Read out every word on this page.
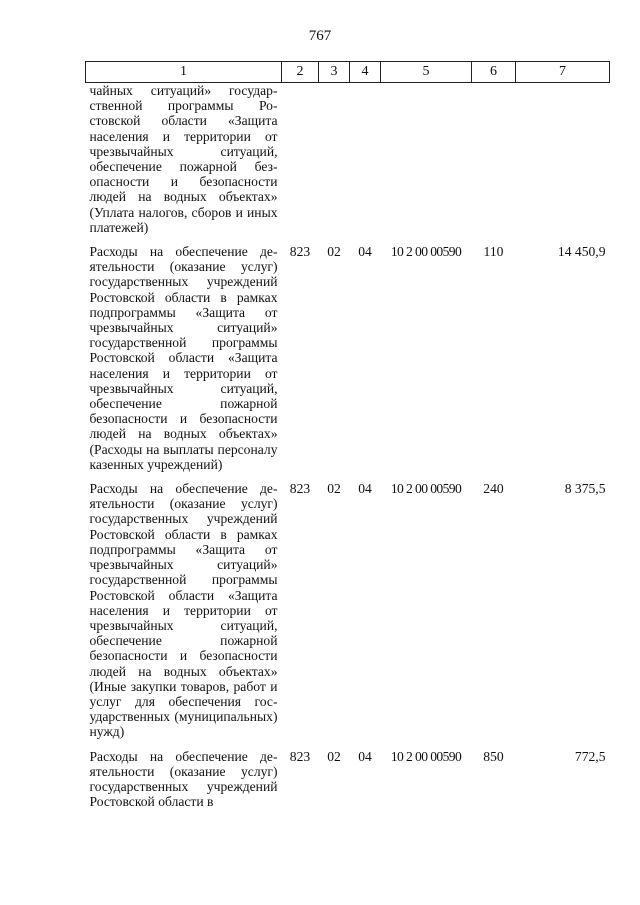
767
1	2	3	4	5	6	7
чайных ситуаций» государственной программы Ростовской области «Защита населения и территории от чрезвычайных ситуаций, обеспечение пожарной безопасности и безопасности людей на водных объектах» (Уплата налогов, сборов и иных платежей)						
Расходы на обеспечение деятельности (оказание услуг) государственных учреждений Ростовской области в рамках подпрограммы «Защита от чрезвычайных ситуаций» государственной программы Ростовской области «Защита населения и территории от чрезвычайных ситуаций, обеспечение пожарной безопасности и безопасности людей на водных объектах» (Расходы на выплаты персоналу казенных учреждений)	823	02	04	10 2 00 00590	110	14 450,9
Расходы на обеспечение деятельности (оказание услуг) государственных учреждений Ростовской области в рамках подпрограммы «Защита от чрезвычайных ситуаций» государственной программы Ростовской области «Защита населения и территории от чрезвычайных ситуаций, обеспечение пожарной безопасности и безопасности людей на водных объектах» (Иные закупки товаров, работ и услуг для обеспечения государственных (муниципальных) нужд)	823	02	04	10 2 00 00590	240	8 375,5
Расходы на обеспечение деятельности (оказание услуг) государственных учреждений Ростовской области в	823	02	04	10 2 00 00590	850	772,5
